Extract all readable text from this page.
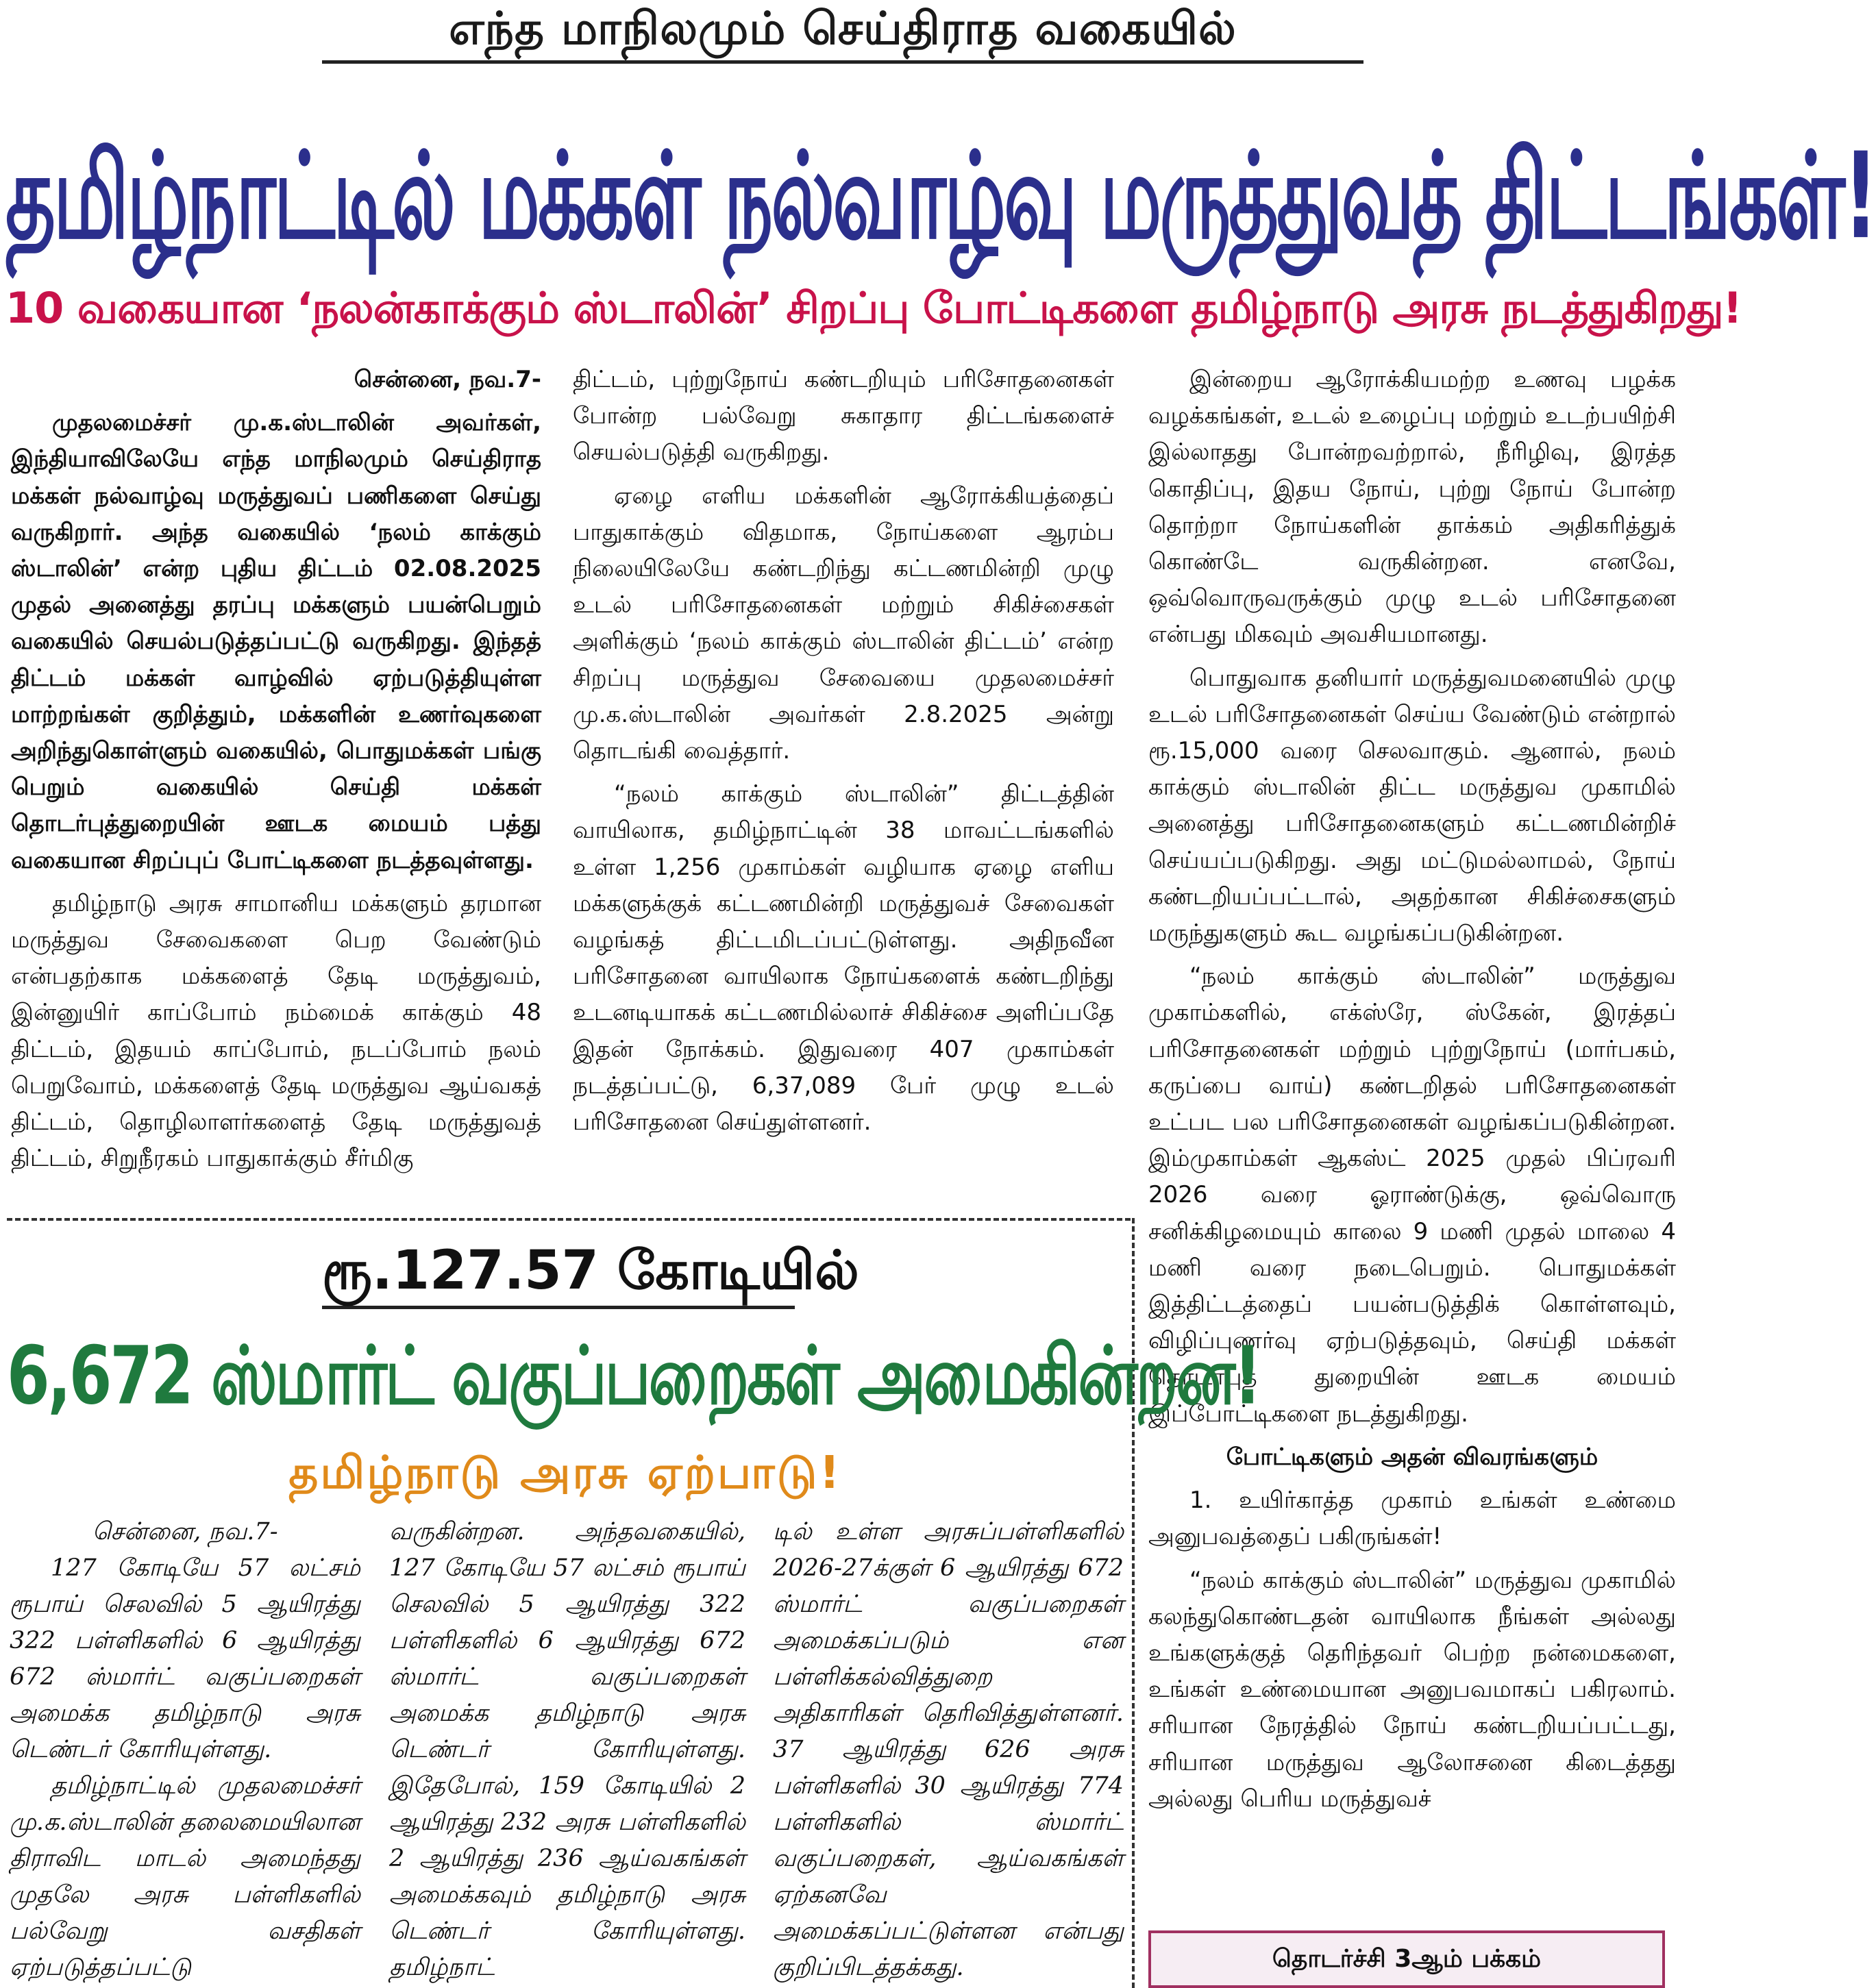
எந்த மாநிலமும் செய்திராத வகையில்
தமிழ்நாட்டில் மக்கள் நல்வாழ்வு மருத்துவத் திட்டங்கள்!
10 வகையான ‘நலன்காக்கும் ஸ்டாலின்’ சிறப்பு போட்டிகளை தமிழ்நாடு அரசு நடத்துகிறது!

சென்னை, நவ.7-

முதலமைச்சர் மு.க.ஸ்டாலின் அவர்கள், இந்தியாவிலேயே எந்த மாநிலமும் செய்திராத மக்கள் நல்வாழ்வு மருத்துவப் பணிகளை செய்து வருகிறார். அந்த வகையில் ‘நலம் காக்கும் ஸ்டாலின்’ என்ற புதிய திட்டம் 02.08.2025 முதல் அனைத்து தரப்பு மக்களும் பயன்பெறும் வகையில் செயல்படுத்தப்பட்டு வருகிறது. இந்தத் திட்டம் மக்கள் வாழ்வில் ஏற்படுத்தியுள்ள மாற்றங்கள் குறித்தும், மக்களின் உணர்வுகளை அறிந்துகொள்ளும் வகையில், பொதுமக்கள் பங்கு பெறும் வகையில் செய்தி மக்கள் தொடர்புத்துறையின் ஊடக மையம் பத்து வகையான சிறப்புப் போட்டிகளை நடத்தவுள்ளது.

தமிழ்நாடு அரசு சாமானிய மக்களும் தரமான மருத்துவ சேவைகளை பெற வேண்டும் என்பதற்காக மக்களைத் தேடி மருத்துவம், இன்னுயிர் காப்போம் நம்மைக் காக்கும் 48 திட்டம், இதயம் காப்போம், நடப்போம் நலம் பெறுவோம், மக்களைத் தேடி மருத்துவ ஆய்வகத் திட்டம், தொழிலாளர்களைத் தேடி மருத்துவத் திட்டம், சிறுநீரகம் பாதுகாக்கும் சீர்மிகு

திட்டம், புற்றுநோய் கண்டறியும் பரிசோதனைகள் போன்ற பல்வேறு சுகாதார திட்டங்களைச் செயல்படுத்தி வருகிறது.

ஏழை எளிய மக்களின் ஆரோக்கியத்தைப் பாதுகாக்கும் விதமாக, நோய்களை ஆரம்ப நிலையிலேயே கண்டறிந்து கட்டணமின்றி முழு உடல் பரிசோதனைகள் மற்றும் சிகிச்சைகள் அளிக்கும் ‘நலம் காக்கும் ஸ்டாலின் திட்டம்’ என்ற சிறப்பு மருத்துவ சேவையை முதலமைச்சர் மு.க.ஸ்டாலின் அவர்கள் 2.8.2025 அன்று தொடங்கி வைத்தார்.

“நலம் காக்கும் ஸ்டாலின்” திட்டத்தின் வாயிலாக, தமிழ்நாட்டின் 38 மாவட்டங்களில் உள்ள 1,256 முகாம்கள் வழியாக ஏழை எளிய மக்களுக்குக் கட்டணமின்றி மருத்துவச் சேவைகள் வழங்கத் திட்டமிடப்பட்டுள்ளது. அதிநவீன பரிசோதனை வாயிலாக நோய்களைக் கண்டறிந்து உடனடியாகக் கட்டணமில்லாச் சிகிச்சை அளிப்பதே இதன் நோக்கம். இதுவரை 407 முகாம்கள் நடத்தப்பட்டு, 6,37,089 பேர் முழு உடல் பரிசோதனை செய்துள்ளனர்.

இன்றைய ஆரோக்கியமற்ற உணவு பழக்க வழக்கங்கள், உடல் உழைப்பு மற்றும் உடற்பயிற்சி இல்லாதது போன்றவற்றால், நீரிழிவு, இரத்த கொதிப்பு, இதய நோய், புற்று நோய் போன்ற தொற்றா நோய்களின் தாக்கம் அதிகரித்துக் கொண்டே வருகின்றன. எனவே, ஒவ்வொருவருக்கும் முழு உடல் பரிசோதனை என்பது மிகவும் அவசியமானது.

பொதுவாக தனியார் மருத்துவமனையில் முழு உடல் பரிசோதனைகள் செய்ய வேண்டும் என்றால் ரூ.15,000 வரை செலவாகும். ஆனால், நலம் காக்கும் ஸ்டாலின் திட்ட மருத்துவ முகாமில் அனைத்து பரிசோதனைகளும் கட்டணமின்றிச் செய்யப்படுகிறது. அது மட்டுமல்லாமல், நோய் கண்டறியப்பட்டால், அதற்கான சிகிச்சைகளும் மருந்துகளும் கூட வழங்கப்படுகின்றன.

“நலம் காக்கும் ஸ்டாலின்” மருத்துவ முகாம்களில், எக்ஸ்ரே, ஸ்கேன், இரத்தப் பரிசோதனைகள் மற்றும் புற்றுநோய் (மார்பகம், கருப்பை வாய்) கண்டறிதல் பரிசோதனைகள் உட்பட பல பரிசோதனைகள் வழங்கப்படுகின்றன. இம்முகாம்கள் ஆகஸ்ட் 2025 முதல் பிப்ரவரி 2026 வரை ஓராண்டுக்கு, ஒவ்வொரு சனிக்கிழமையும் காலை 9 மணி முதல் மாலை 4 மணி வரை நடைபெறும். பொதுமக்கள் இத்திட்டத்தைப் பயன்படுத்திக் கொள்ளவும், விழிப்புணர்வு ஏற்படுத்தவும், செய்தி மக்கள் தொடர்புத் துறையின் ஊடக மையம் இப்போட்டிகளை நடத்துகிறது.

போட்டிகளும் அதன் விவரங்களும்

1. உயிர்காத்த முகாம் உங்கள் உண்மை அனுபவத்தைப் பகிருங்கள்!

“நலம் காக்கும் ஸ்டாலின்” மருத்துவ முகாமில் கலந்துகொண்டதன் வாயிலாக நீங்கள் அல்லது உங்களுக்குத் தெரிந்தவர் பெற்ற நன்மைகளை, உங்கள் உண்மையான அனுபவமாகப் பகிரலாம். சரியான நேரத்தில் நோய் கண்டறியப்பட்டது, சரியான மருத்துவ ஆலோசனை கிடைத்தது அல்லது பெரிய மருத்துவச்

தொடர்ச்சி 3ஆம் பக்கம்
ரூ.127.57 கோடியில்
6,672 ஸ்மார்ட் வகுப்பறைகள் அமைகின்றன!
தமிழ்நாடு அரசு ஏற்பாடு!

சென்னை, நவ.7-

127 கோடியே 57 லட்சம் ரூபாய் செலவில் 5 ஆயிரத்து 322 பள்ளிகளில் 6 ஆயிரத்து 672 ஸ்மார்ட் வகுப்பறைகள் அமைக்க தமிழ்நாடு அரசு டெண்டர் கோரியுள்ளது.

தமிழ்நாட்டில் முதலமைச்சர் மு.க.ஸ்டாலின் தலைமையிலான திராவிட மாடல் அமைந்தது முதலே அரசு பள்ளிகளில் பல்வேறு வசதிகள் ஏற்படுத்தப்பட்டு

வருகின்றன. அந்தவகையில், 127 கோடியே 57 லட்சம் ரூபாய் செலவில் 5 ஆயிரத்து 322 பள்ளிகளில் 6 ஆயிரத்து 672 ஸ்மார்ட் வகுப்பறைகள் அமைக்க தமிழ்நாடு அரசு டெண்டர் கோரியுள்ளது. இதேபோல், 159 கோடியில் 2 ஆயிரத்து 232 அரசு பள்ளிகளில் 2 ஆயிரத்து 236 ஆய்வகங்கள் அமைக்கவும் தமிழ்நாடு அரசு டெண்டர் கோரியுள்ளது. தமிழ்நாட்

டில் உள்ள அரசுப்பள்ளிகளில் 2026-27க்குள் 6 ஆயிரத்து 672 ஸ்மார்ட் வகுப்பறைகள் அமைக்கப்படும் என பள்ளிக்கல்வித்துறை அதிகாரிகள் தெரிவித்துள்ளனர். 37 ஆயிரத்து 626 அரசு பள்ளிகளில் 30 ஆயிரத்து 774 பள்ளிகளில் ஸ்மார்ட் வகுப்பறைகள், ஆய்வகங்கள் ஏற்கனவே அமைக்கப்பட்டுள்ளன என்பது குறிப்பிடத்தக்கது.
